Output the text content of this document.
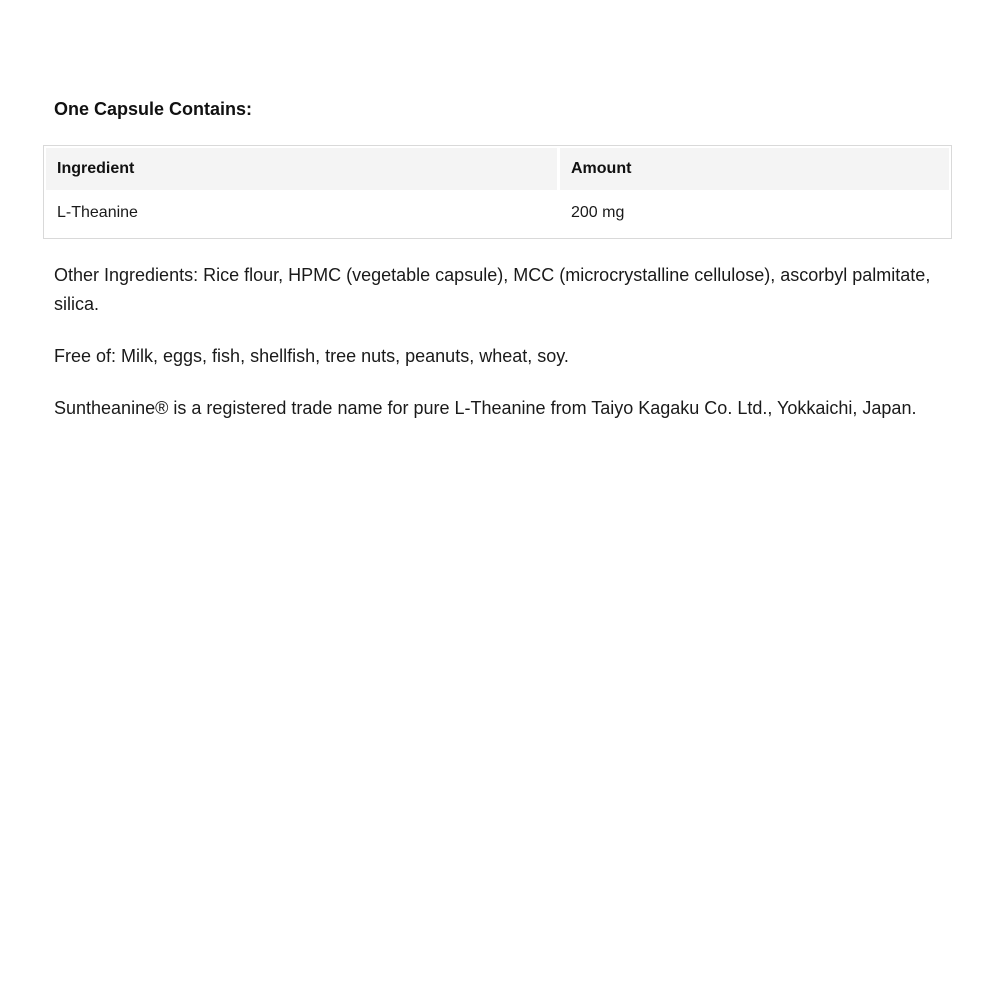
One Capsule Contains:
Ingredient	Amount
L-Theanine	200 mg

Other Ingredients: Rice flour, HPMC (vegetable capsule), MCC (microcrystalline cellulose), ascorbyl palmitate, silica.

Free of: Milk, eggs, fish, shellfish, tree nuts, peanuts, wheat, soy.

Suntheanine® is a registered trade name for pure L-Theanine from Taiyo Kagaku Co. Ltd., Yokkaichi, Japan.
